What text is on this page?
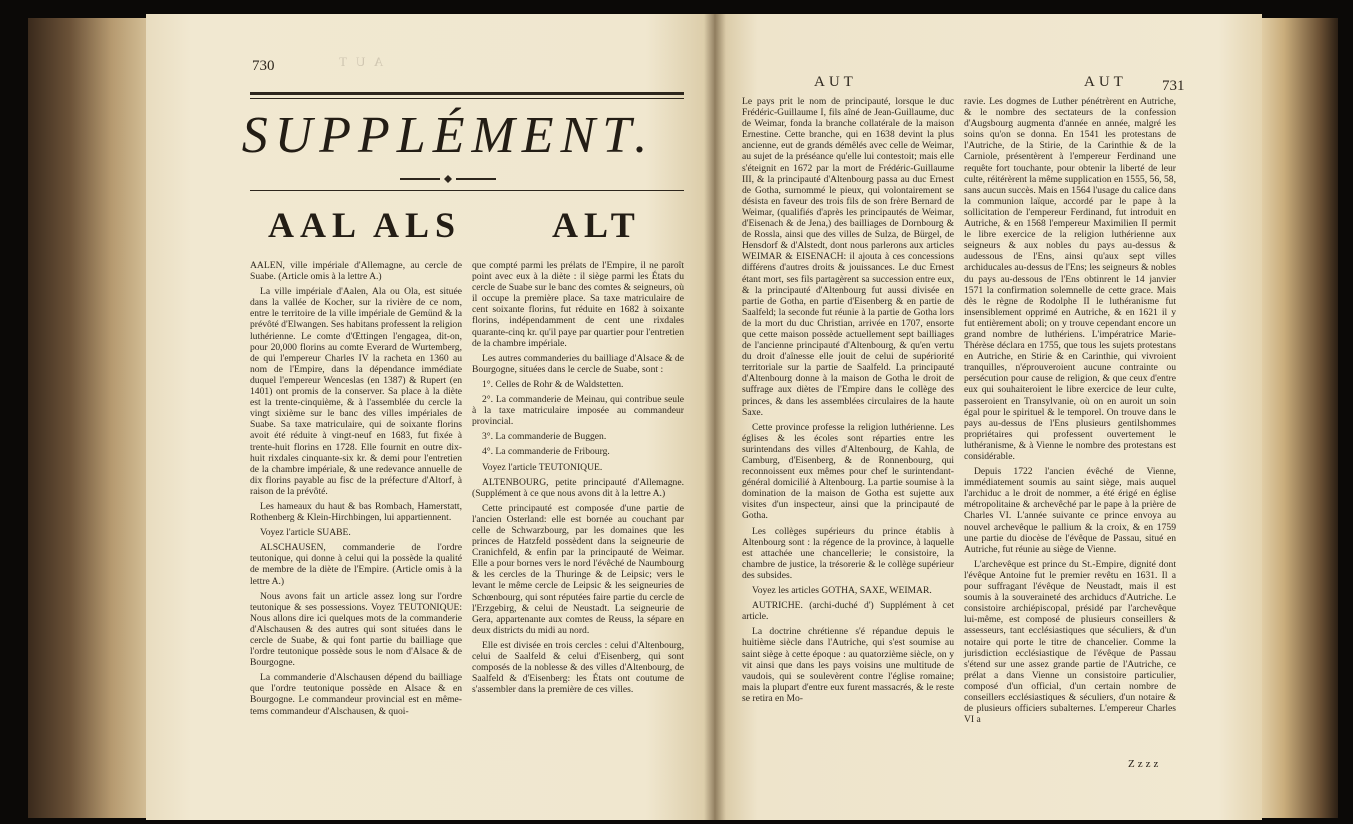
A U T
730
SUPPLÉMENT.
AAL ALS	ALT

AALEN, ville impériale d'Allemagne, au cercle de Suabe. (Article omis à la lettre A.)

La ville impériale d'Aalen, Ala ou Ola, est située dans la vallée de Kocher, sur la rivière de ce nom, entre le territoire de la ville impériale de Gemünd & la prévôté d'Elwangen. Ses habitans professent la religion luthérienne. Le comte d'Œttingen l'engagea, dit-on, pour 20,000 florins au comte Everard de Wurtemberg, de qui l'empereur Charles IV la racheta en 1360 au nom de l'Empire, dans la dépendance immédiate duquel l'empereur Wenceslas (en 1387) & Rupert (en 1401) ont promis de la conserver. Sa place à la diète est la trente-cinquième, & à l'assemblée du cercle la vingt sixième sur le banc des villes impériales de Suabe. Sa taxe matriculaire, qui de soixante florins avoit été réduite à vingt-neuf en 1683, fut fixée à trente-huit florins en 1728. Elle fournit en outre dix-huit rixdales cinquante-six kr. & demi pour l'entretien de la chambre impériale, & une redevance annuelle de dix florins payable au fisc de la préfecture d'Altorf, à raison de la prévôté.

Les hameaux du haut & bas Rombach, Hamerstatt, Rothenberg & Klein-Hirchbingen, lui appartiennent.

Voyez l'article SUABE.

ALSCHAUSEN, commanderie de l'ordre teutonique, qui donne à celui qui la possède la qualité de membre de la diète de l'Empire. (Article omis à la lettre A.)

Nous avons fait un article assez long sur l'ordre teutonique & ses possessions. Voyez TEUTONIQUE: Nous allons dire ici quelques mots de la commanderie d'Alschausen & des autres qui sont situées dans le cercle de Suabe, & qui font partie du bailliage que l'ordre teutonique possède sous le nom d'Alsace & de Bourgogne.

La commanderie d'Alschausen dépend du bailliage que l'ordre teutonique possède en Alsace & en Bourgogne. Le commandeur provincial est en même-tems commandeur d'Alschausen, & quoi-

que compté parmi les prélats de l'Empire, il ne paroît point avec eux à la diète : il siège parmi les États du cercle de Suabe sur le banc des comtes & seigneurs, où il occupe la première place. Sa taxe matriculaire de cent soixante florins, fut réduite en 1682 à soixante florins, indépendamment de cent une rixdales quarante-cinq kr. qu'il paye par quartier pour l'entretien de la chambre impériale.

Les autres commanderies du bailliage d'Alsace & de Bourgogne, situées dans le cercle de Suabe, sont :

1°. Celles de Rohr & de Waldstetten.

2°. La commanderie de Meinau, qui contribue seule à la taxe matriculaire imposée au commandeur provincial.

3°. La commanderie de Buggen.

4°. La commanderie de Fribourg.

Voyez l'article TEUTONIQUE.

ALTENBOURG, petite principauté d'Allemagne. (Supplément à ce que nous avons dit à la lettre A.)

Cette principauté est composée d'une partie de l'ancien Osterland: elle est bornée au couchant par celle de Schwarzbourg, par les domaines que les princes de Hatzfeld possèdent dans la seigneurie de Cranichfeld, & enfin par la principauté de Weimar. Elle a pour bornes vers le nord l'évêché de Naumbourg & les cercles de la Thuringe & de Leipsic; vers le levant le même cercle de Leipsic & les seigneuries de Schœnbourg, qui sont réputées faire partie du cercle de l'Erzgebirg, & celui de Neustadt. La seigneurie de Gera, appartenante aux comtes de Reuss, la sépare en deux districts du midi au nord.

Elle est divisée en trois cercles : celui d'Altenbourg, celui de Saalfeld & celui d'Eisenberg, qui sont composés de la noblesse & des villes d'Altenbourg, de Saalfeld & d'Eisenberg: les États ont coutume de s'assembler dans la première de ces villes.

AUT	AUT 731

Le pays prit le nom de principauté, lorsque le duc Frédéric-Guillaume I, fils aîné de Jean-Guillaume, duc de Weimar, fonda la branche collatérale de la maison Ernestine. Cette branche, qui en 1638 devint la plus ancienne, eut de grands démêlés avec celle de Weimar, au sujet de la préséance qu'elle lui contestoit; mais elle s'éteignit en 1672 par la mort de Frédéric-Guillaume III, & la principauté d'Altenbourg passa au duc Ernest de Gotha, surnommé le pieux, qui volontairement se désista en faveur des trois fils de son frère Bernard de Weimar, (qualifiés d'après les principautés de Weimar, d'Eisenach & de Jena,) des bailliages de Dornbourg & de Rossla, ainsi que des villes de Sulza, de Bürgel, de Hensdorf & d'Alstedt, dont nous parlerons aux articles WEIMAR & EISENACH: il ajouta à ces concessions différens d'autres droits & jouissances. Le duc Ernest étant mort, ses fils partagèrent sa succession entre eux, & la principauté d'Altenbourg fut aussi divisée en partie de Gotha, en partie d'Eisenberg & en partie de Saalfeld; la seconde fut réunie à la partie de Gotha lors de la mort du duc Christian, arrivée en 1707, ensorte que cette maison possède actuellement sept bailliages de l'ancienne principauté d'Altenbourg, & qu'en vertu du droit d'aînesse elle jouit de celui de supériorité territoriale sur la partie de Saalfeld. La principauté d'Altenbourg donne à la maison de Gotha le droit de suffrage aux diètes de l'Empire dans le collège des princes, & dans les assemblées circulaires de la haute Saxe.

Cette province professe la religion luthérienne. Les églises & les écoles sont réparties entre les surintendans des villes d'Altenbourg, de Kahla, de Camburg, d'Eisenberg, & de Ronnenbourg, qui reconnoissent eux mêmes pour chef le surintendant-général domicilié à Altenbourg. La partie soumise à la domination de la maison de Gotha est sujette aux visites d'un inspecteur, ainsi que la principauté de Gotha.

Les collèges supérieurs du prince établis à Altenbourg sont : la régence de la province, à laquelle est attachée une chancellerie; le consistoire, la chambre de justice, la trésorerie & le collège supérieur des subsides.

Voyez les articles GOTHA, SAXE, WEIMAR.

AUTRICHE. (archi-duché d') Supplément à cet article.

La doctrine chrétienne s'é répandue depuis le huitième siècle dans l'Autriche, qui s'est soumise au saint siège à cette époque : au quatorzième siècle, on y vit ainsi que dans les pays voisins une multitude de vaudois, qui se soulevèrent contre l'église romaine; mais la plupart d'entre eux furent massacrés, & le reste se retira en Mo-

ravie. Les dogmes de Luther pénétrèrent en Autriche, & le nombre des sectateurs de la confession d'Augsbourg augmenta d'année en année, malgré les soins qu'on se donna. En 1541 les protestans de l'Autriche, de la Stirie, de la Carinthie & de la Carniole, présentèrent à l'empereur Ferdinand une requête fort touchante, pour obtenir la liberté de leur culte, réitérèrent la même supplication en 1555, 56, 58, sans aucun succès. Mais en 1564 l'usage du calice dans la communion laïque, accordé par le pape à la sollicitation de l'empereur Ferdinand, fut introduit en Autriche, & en 1568 l'empereur Maximilien II permit le libre exercice de la religion luthérienne aux seigneurs & aux nobles du pays au-dessus & audessous de l'Ens, ainsi qu'aux sept villes archiducales au-dessus de l'Ens; les seigneurs & nobles du pays au-dessous de l'Ens obtinrent le 14 janvier 1571 la confirmation solemnelle de cette grace. Mais dès le règne de Rodolphe II le luthéranisme fut insensiblement opprimé en Autriche, & en 1621 il y fut entièrement aboli; on y trouve cependant encore un grand nombre de luthériens. L'impératrice Marie-Thérèse déclara en 1755, que tous les sujets protestans en Autriche, en Stirie & en Carinthie, qui vivroient tranquilles, n'éprouveroient aucune contrainte ou persécution pour cause de religion, & que ceux d'entre eux qui souhaiteroient le libre exercice de leur culte, passeroient en Transylvanie, où on en auroit un soin égal pour le spirituel & le temporel. On trouve dans le pays au-dessus de l'Ens plusieurs gentilshommes propriétaires qui professent ouvertement le luthéranisme, & à Vienne le nombre des protestans est considérable.

Depuis 1722 l'ancien évêché de Vienne, immédiatement soumis au saint siège, mais auquel l'archiduc a le droit de nommer, a été érigé en église métropolitaine & archevêché par le pape à la prière de Charles VI. L'année suivante ce prince envoya au nouvel archevêque le pallium & la croix, & en 1759 une partie du diocèse de l'évêque de Passau, situé en Autriche, fut réunie au siège de Vienne.

L'archevêque est prince du St.-Empire, dignité dont l'évêque Antoine fut le premier revêtu en 1631. Il a pour suffragant l'évêque de Neustadt, mais il est soumis à la souveraineté des archiducs d'Autriche. Le consistoire archiépiscopal, présidé par l'archevêque lui-même, est composé de plusieurs conseillers & assesseurs, tant ecclésiastiques que séculiers, & d'un notaire qui porte le titre de chancelier. Comme la jurisdiction ecclésiastique de l'évêque de Passau s'étend sur une assez grande partie de l'Autriche, ce prélat a dans Vienne un consistoire particulier, composé d'un official, d'un certain nombre de conseillers ecclésiastiques & séculiers, d'un notaire & de plusieurs officiers subalternes. L'empereur Charles VI a

Zzzz
